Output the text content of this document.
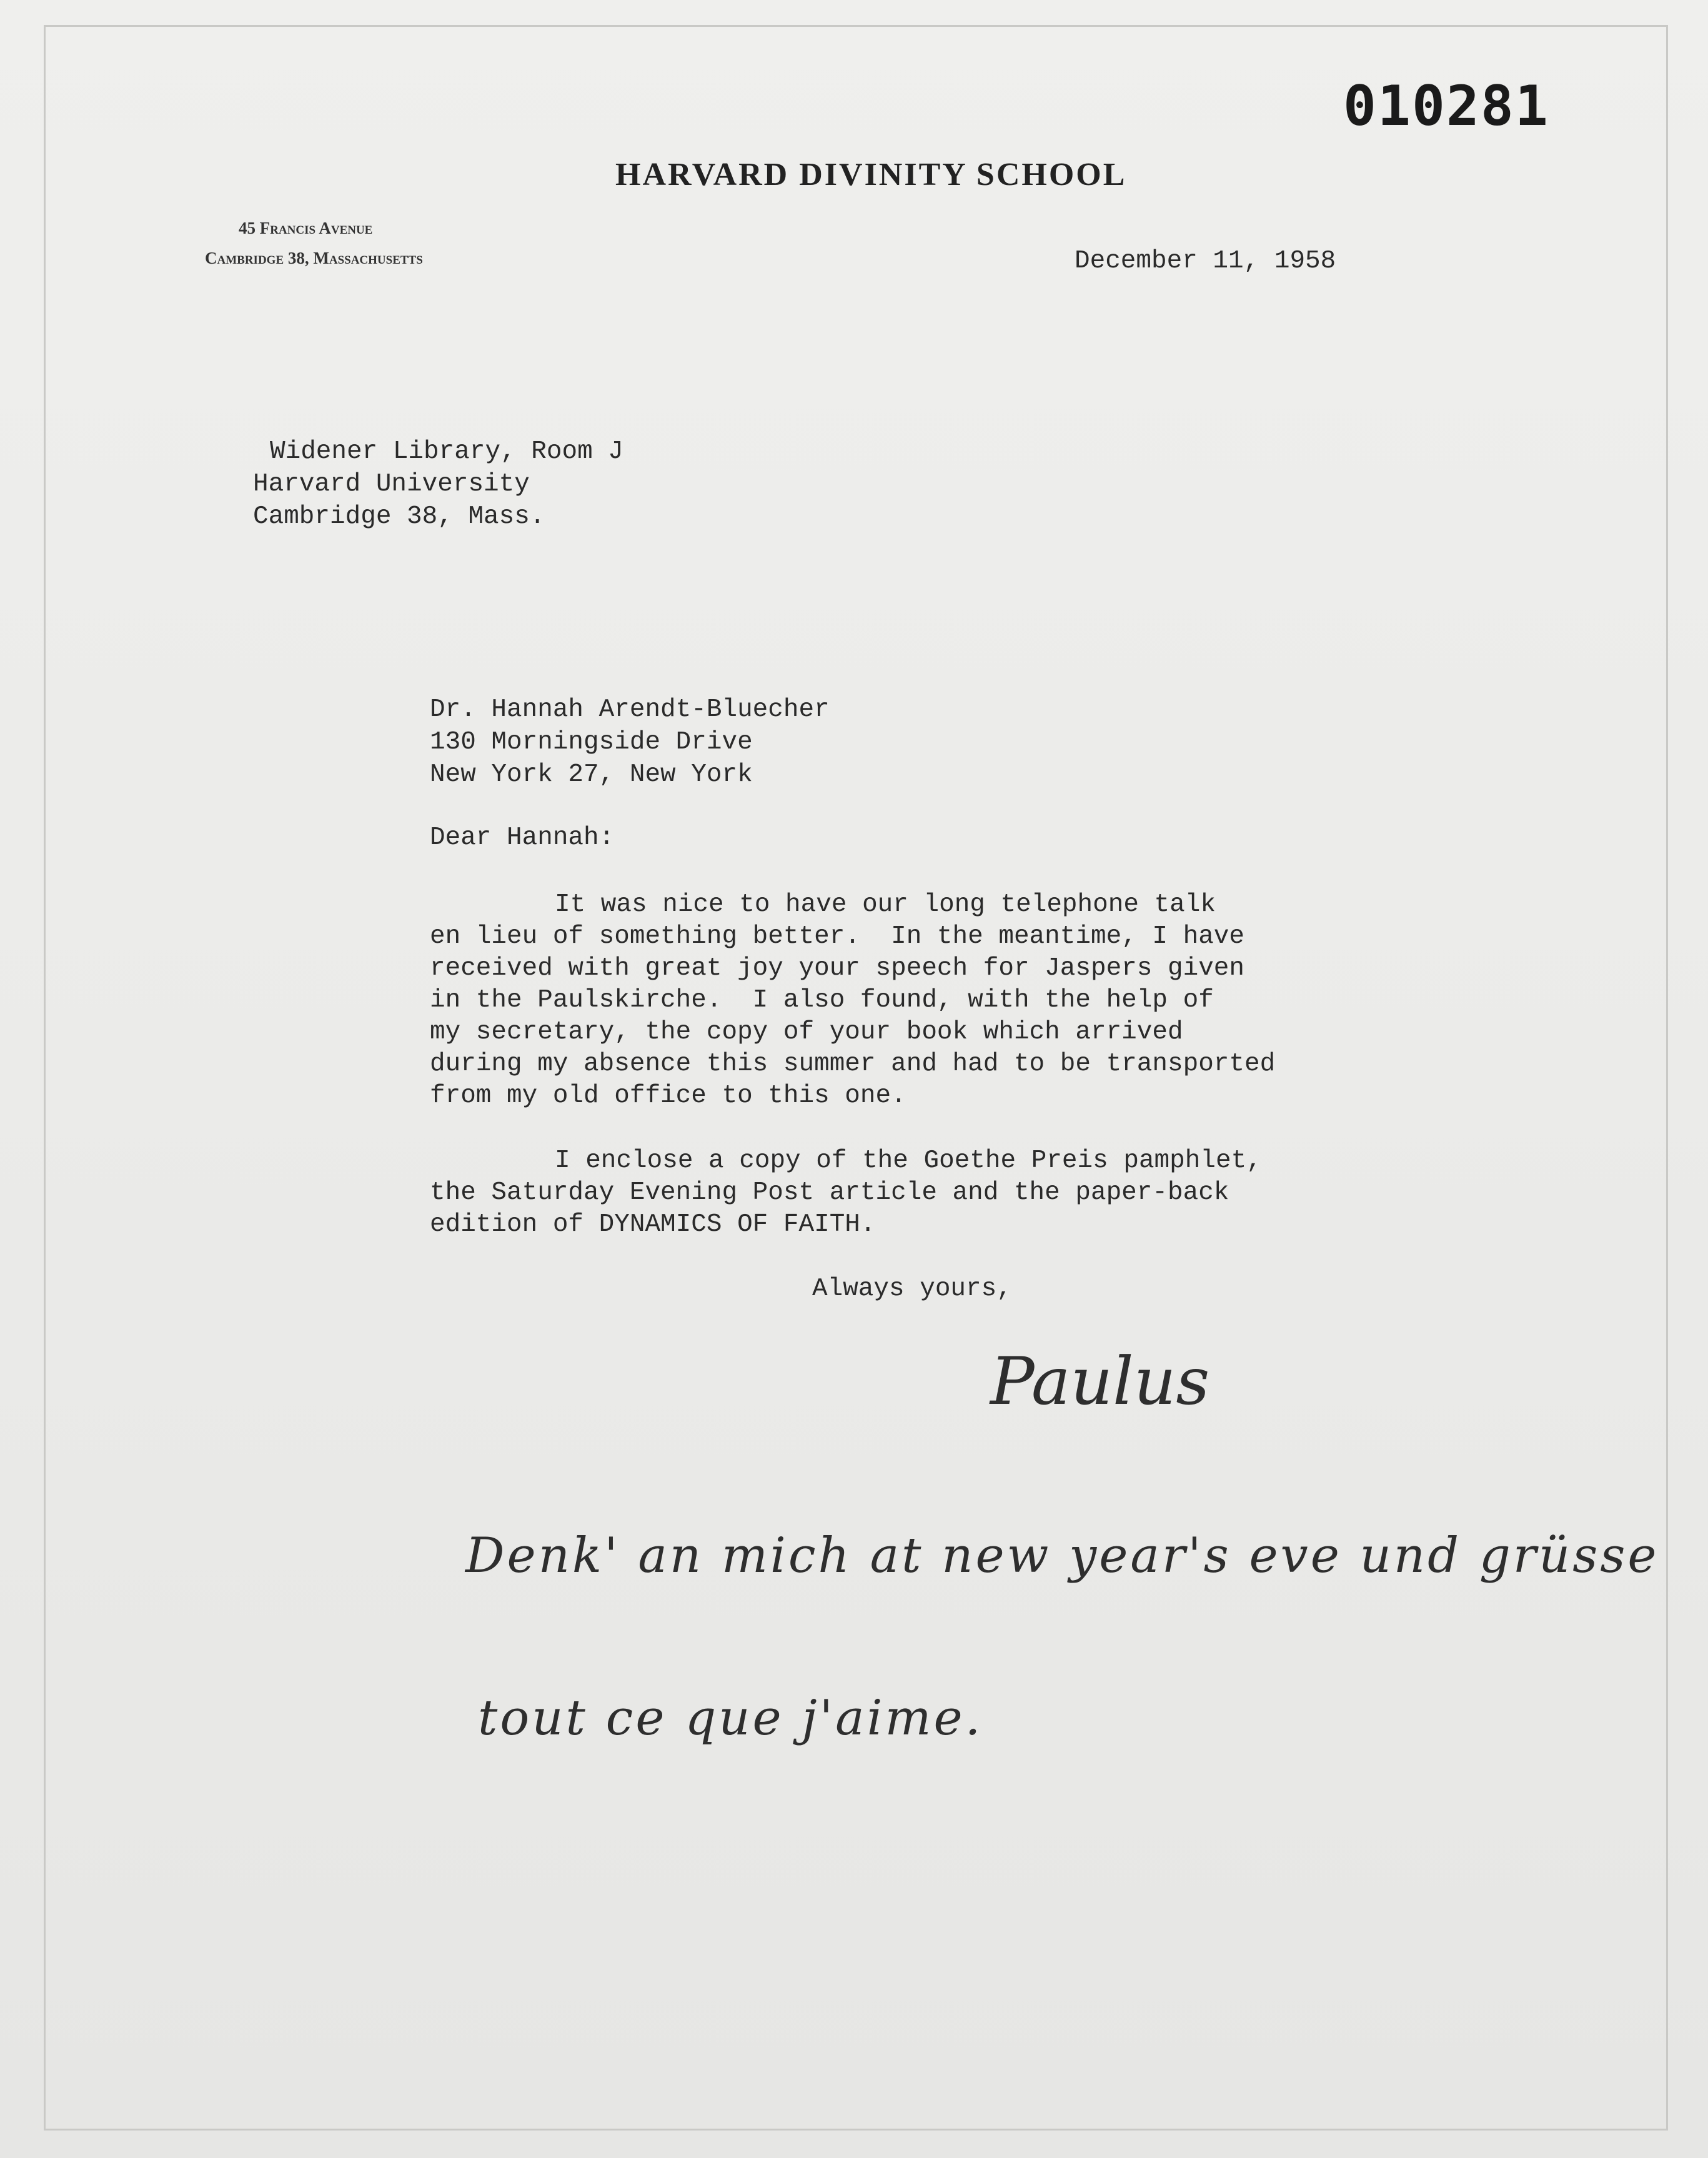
010281
HARVARD DIVINITY SCHOOL
45 Francis Avenue
Cambridge 38, Massachusetts	December 11, 1958

Widener Library, Room J

Harvard University

Cambridge 38, Mass.

Dr. Hannah Arendt-Bluecher

130 Morningside Drive

New York 27, New York

Dear Hannah:

It was nice to have our long telephone talk

en lieu of something better.  In the meantime, I have

received with great joy your speech for Jaspers given

in the Paulskirche.  I also found, with the help of

my secretary, the copy of your book which arrived

during my absence this summer and had to be transported

from my old office to this one.

I enclose a copy of the Goethe Preis pamphlet,

the Saturday Evening Post article and the paper-back

edition of DYNAMICS OF FAITH.

Always yours,

Paulus
Denk' an mich at new year's eve und grüsse
tout ce que j'aime.
